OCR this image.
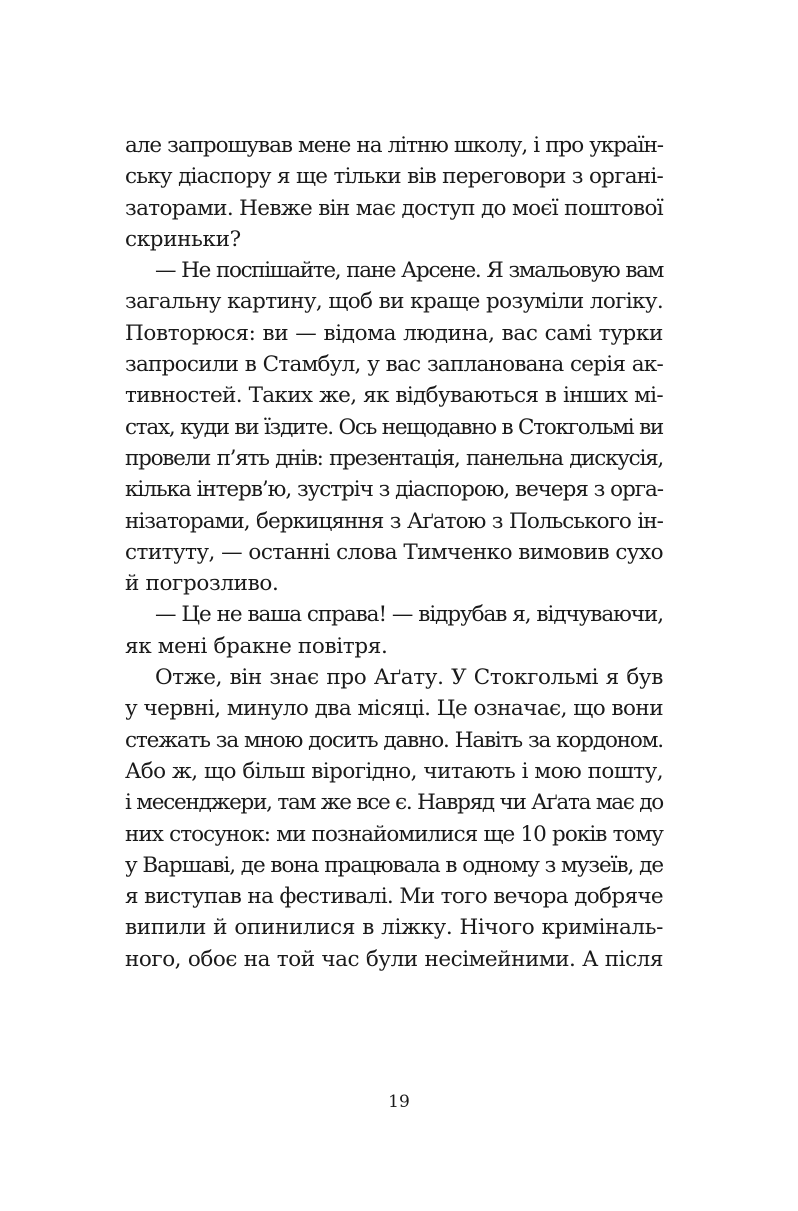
але запрошував мене на літню школу, і про україн-
ську діаспору я ще тільки вів переговори з органі-
заторами. Невже він має доступ до моєї поштової
скриньки?
— Не поспішайте, пане Арсене. Я змальовую вам
загальну картину, щоб ви краще розуміли логіку.
Повторюся: ви — відома людина, вас самі турки
запросили в Стамбул, у вас запланована серія ак-
тивностей. Таких же, як відбуваються в інших мі-
стах, куди ви їздите. Ось нещодавно в Стокгольмі ви
провели п’ять днів: презентація, панельна дискусія,
кілька інтерв’ю, зустріч з діаспорою, вечеря з орга-
нізаторами, беркицяння з Аґатою з Польського ін-
ституту, — останні слова Тимченко вимовив сухо
й погрозливо.
— Це не ваша справа! — відрубав я, відчуваючи,
як мені бракне повітря.
Отже, він знає про Аґату. У Стокгольмі я був
у червні, минуло два місяці. Це означає, що вони
стежать за мною досить давно. Навіть за кордоном.
Або ж, що більш вірогідно, читають і мою пошту,
і месенджери, там же все є. Навряд чи Аґата має до
них стосунок: ми познайомилися ще 10 років тому
у Варшаві, де вона працювала в одному з музеїв, де
я виступав на фестивалі. Ми того вечора добряче
випили й опинилися в ліжку. Нічого криміналь-
ного, обоє на той час були несімейними. А після
19
